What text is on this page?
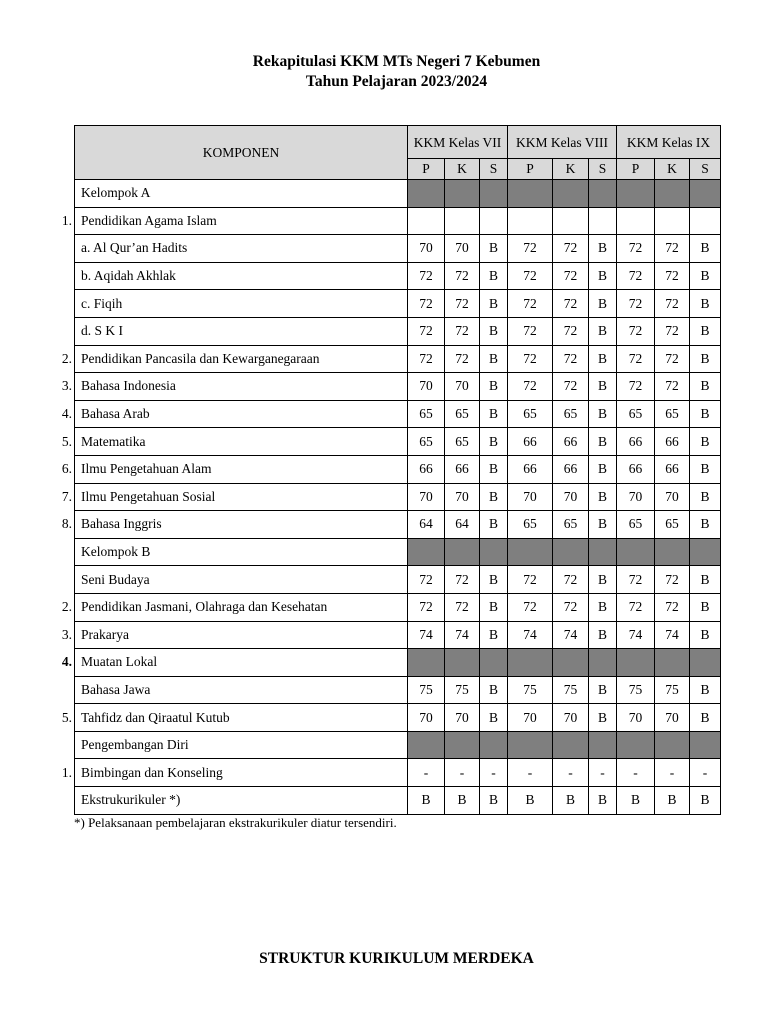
Rekapitulasi KKM MTs Negeri 7 Kebumen
Tahun Pelajaran 2023/2024
KOMPONEN	KKM Kelas VII			KKM Kelas VIII			KKM Kelas IX		
	P	K	S	P	K	S	P	K	S

Kelompok A									

1. Pendidikan Agama Islam									

a. Al Qur’an Hadits	70	70	B	72	72	B	72	72	B

b. Aqidah Akhlak	72	72	B	72	72	B	72	72	B

c. Fiqih	72	72	B	72	72	B	72	72	B

d. S K I	72	72	B	72	72	B	72	72	B

2. Pendidikan Pancasila dan Kewarganegaraan	72	72	B	72	72	B	72	72	B

3. Bahasa Indonesia	70	70	B	72	72	B	72	72	B

4. Bahasa Arab	65	65	B	65	65	B	65	65	B

5. Matematika	65	65	B	66	66	B	66	66	B

6. Ilmu Pengetahuan Alam	66	66	B	66	66	B	66	66	B

7. Ilmu Pengetahuan Sosial	70	70	B	70	70	B	70	70	B

8. Bahasa Inggris	64	64	B	65	65	B	65	65	B

Kelompok B									

Seni Budaya	72	72	B	72	72	B	72	72	B

2. Pendidikan Jasmani, Olahraga dan Kesehatan	72	72	B	72	72	B	72	72	B

3. Prakarya	74	74	B	74	74	B	74	74	B

4. Muatan Lokal									

Bahasa Jawa	75	75	B	75	75	B	75	75	B

5. Tahfidz dan Qiraatul Kutub	70	70	B	70	70	B	70	70	B

Pengembangan Diri									

1. Bimbingan dan Konseling	-	-	-	-	-	-	-	-	-

Ekstrukurikuler *)	B	B	B	B	B	B	B	B	B
*) Pelaksanaan pembelajaran ekstrakurikuler diatur tersendiri.
STRUKTUR KURIKULUM MERDEKA
